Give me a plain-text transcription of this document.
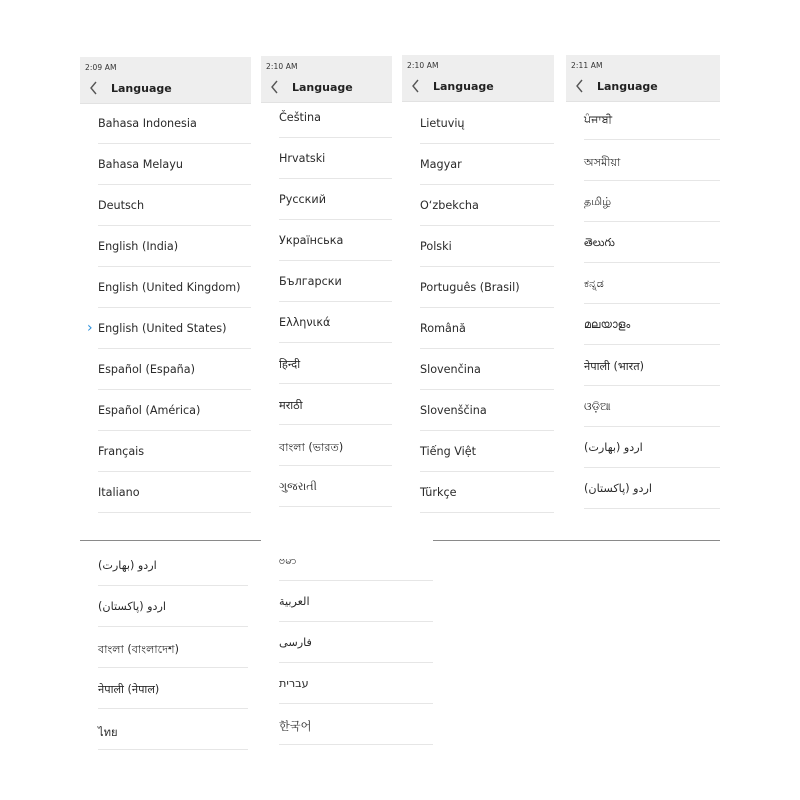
2:09 AM
Language
Bahasa Indonesia
Bahasa Melayu
Deutsch
English (India)
English (United Kingdom)
› English (United States)
Español (España)
Español (América)
Français
Italiano
2:10 AM
Language
Čeština
Hrvatski
Русский
Українська
Български
Ελληνικά
हिन्दी
मराठी
বাংলা (ভারত)
ગુજરાતી
2:10 AM
Language
Lietuvių
Magyar
O‘zbekcha
Polski
Português (Brasil)
Română
Slovenčina
Slovenščina
Tiếng Việt
Türkçe
2:11 AM
Language
ਪੰਜਾਬੀ
অসমীয়া
தமிழ்
తెలుగు
ಕನ್ನಡ
മലയാളം
नेपाली (भारत)
ଓଡ଼ିଆ
اردو (بھارت)
اردو (پاکستان)
اردو (بھارت)
اردو (پاکستان)
বাংলা (বাংলাদেশ)
नेपाली (नेपाल)
ไทย
ဗမာ
العربية
فارسی
עברית
한국어
